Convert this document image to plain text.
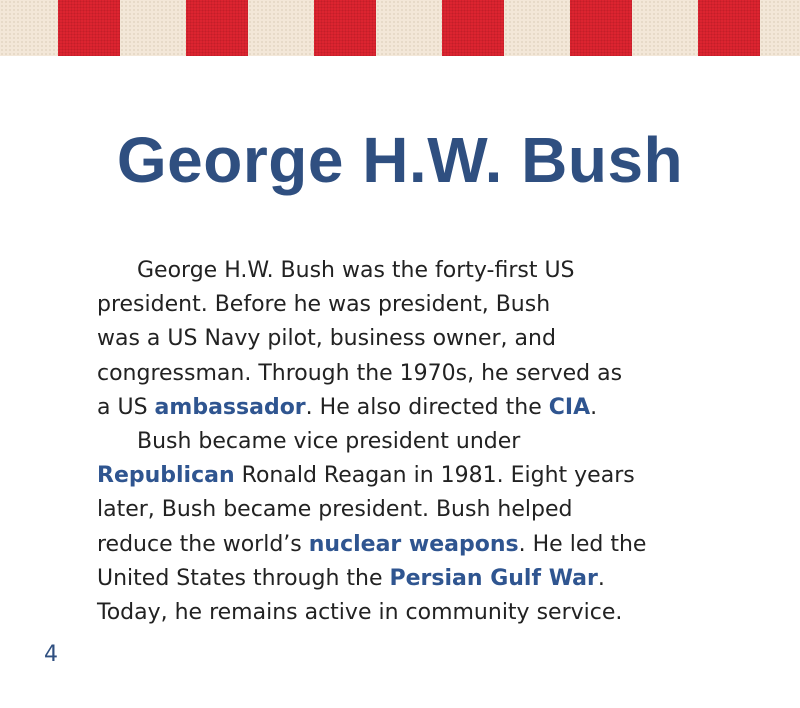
George H.W. Bush
George H.W. Bush was the forty-first US
president. Before he was president, Bush
was a US Navy pilot, business owner, and
congressman. Through the 1970s, he served as
a US ambassador. He also directed the CIA.
Bush became vice president under
Republican Ronald Reagan in 1981. Eight years
later, Bush became president. Bush helped
reduce the world’s nuclear weapons. He led the
United States through the Persian Gulf War.
Today, he remains active in community service.
4
